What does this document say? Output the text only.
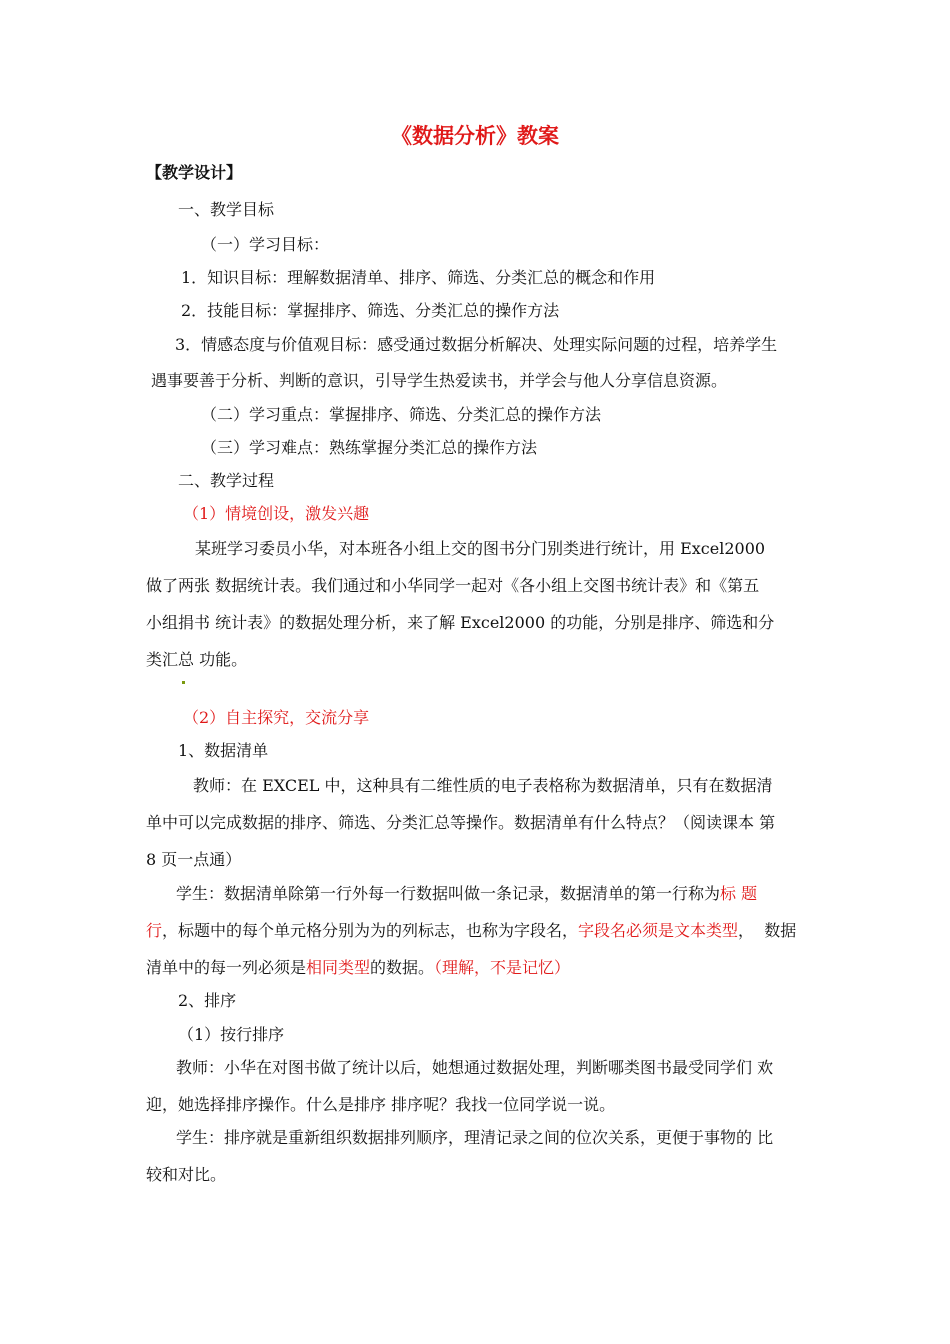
《数据分析》教案
【教学设计】
一、教学目标
（一）学习目标：
1．知识目标：理解数据清单、排序、筛选、分类汇总的概念和作用
2．技能目标：掌握排序、筛选、分类汇总的操作方法
3．情感态度与价值观目标：感受通过数据分析解决、处理实际问题的过程，培养学生
遇事要善于分析、判断的意识，引导学生热爱读书，并学会与他人分享信息资源。
（二）学习重点：掌握排序、筛选、分类汇总的操作方法
（三）学习难点：熟练掌握分类汇总的操作方法
二、教学过程
（1）情境创设，激发兴趣
某班学习委员小华，对本班各小组上交的图书分门别类进行统计，用 Excel2000
做了两张 数据统计表。我们通过和小华同学一起对《各小组上交图书统计表》和《第五
小组捐书 统计表》的数据处理分析，来了解 Excel2000 的功能，分别是排序、筛选和分
类汇总 功能。
（2）自主探究，交流分享
1、数据清单
教师：在 EXCEL 中，这种具有二维性质的电子表格称为数据清单，只有在数据清
单中可以完成数据的排序、筛选、分类汇总等操作。数据清单有什么特点？（阅读课本 第
8 页一点通）
学生：数据清单除第一行外每一行数据叫做一条记录，数据清单的第一行称为标 题
行，标题中的每个单元格分别为为的列标志，也称为字段名，字段名必须是文本类型，  数据
清单中的每一列必须是相同类型的数据。（理解，不是记忆）
2、排序
（1）按行排序
教师：小华在对图书做了统计以后，她想通过数据处理，判断哪类图书最受同学们 欢
迎，她选择排序操作。什么是排序 排序呢？我找一位同学说一说。
学生：排序就是重新组织数据排列顺序，理清记录之间的位次关系，更便于事物的 比
较和对比。
